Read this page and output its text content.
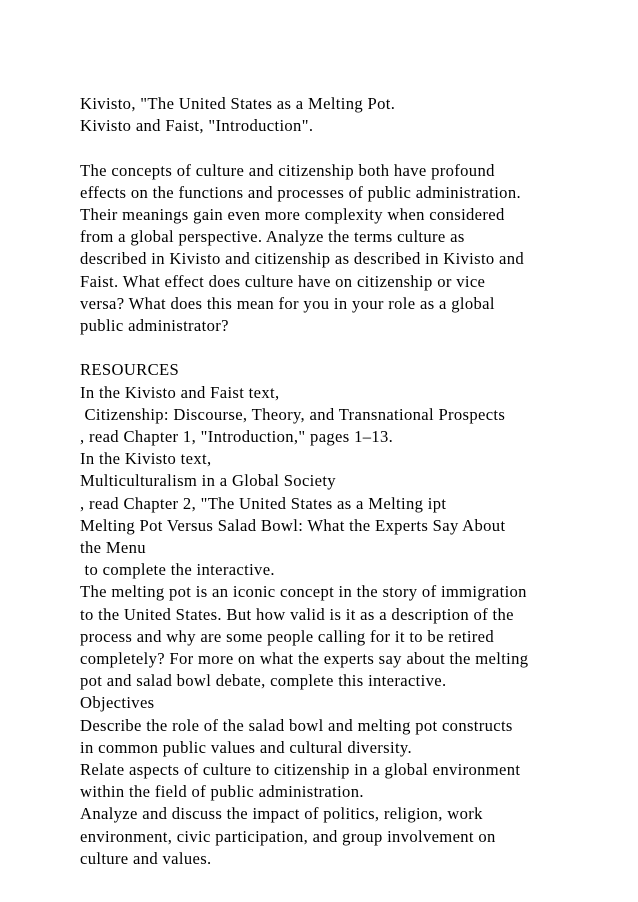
Kivisto, "The United States as a Melting Pot.
Kivisto and Faist, "Introduction".
The concepts of culture and citizenship both have profound
effects on the functions and processes of public administration.
Their meanings gain even more complexity when considered
from a global perspective. Analyze the terms culture as
described in Kivisto and citizenship as described in Kivisto and
Faist. What effect does culture have on citizenship or vice
versa? What does this mean for you in your role as a global
public administrator?
RESOURCES
In the Kivisto and Faist text,
Citizenship: Discourse, Theory, and Transnational Prospects
, read Chapter 1, "Introduction," pages 1–13.
In the Kivisto text,
Multiculturalism in a Global Society
, read Chapter 2, "The United States as a Melting ipt
Melting Pot Versus Salad Bowl: What the Experts Say About
the Menu
to complete the interactive.
The melting pot is an iconic concept in the story of immigration
to the United States. But how valid is it as a description of the
process and why are some people calling for it to be retired
completely? For more on what the experts say about the melting
pot and salad bowl debate, complete this interactive.
Objectives
Describe the role of the salad bowl and melting pot constructs
in common public values and cultural diversity.
Relate aspects of culture to citizenship in a global environment
within the field of public administration.
Analyze and discuss the impact of politics, religion, work
environment, civic participation, and group involvement on
culture and values.
